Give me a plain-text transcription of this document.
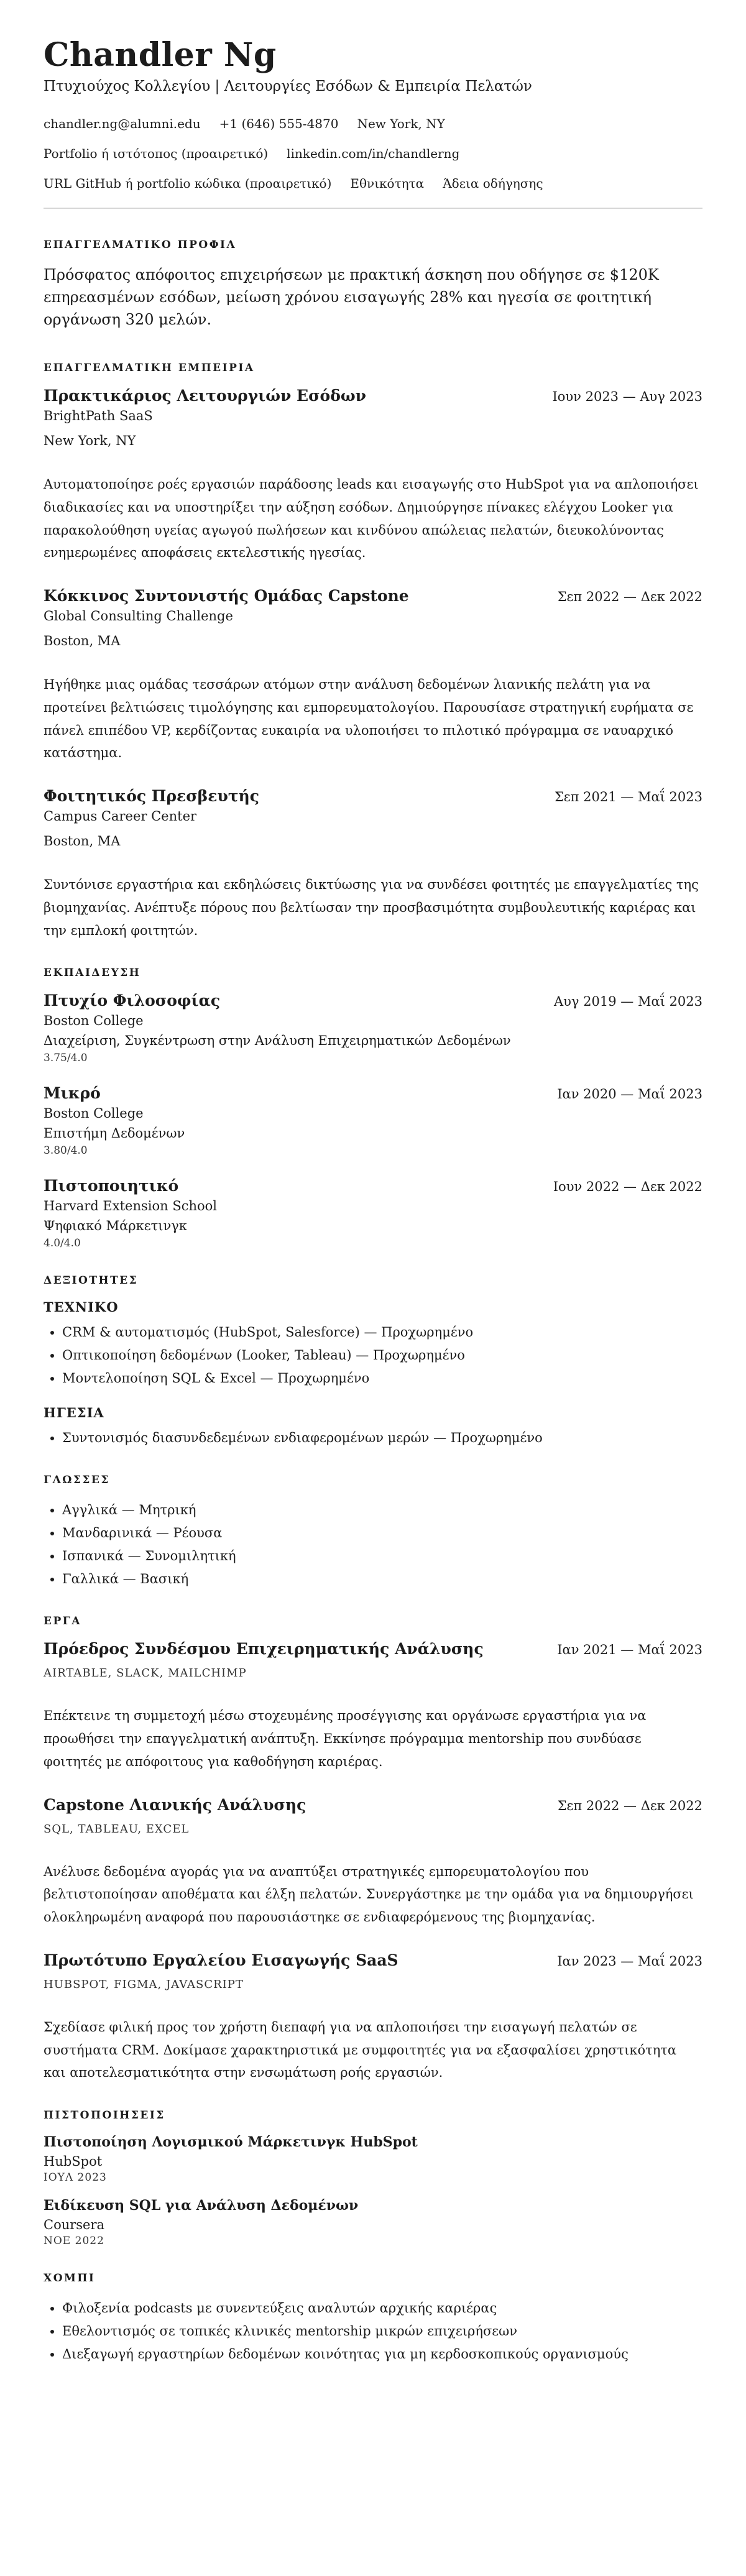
Chandler Ng
Πτυχιούχος Κολλεγίου | Λειτουργίες Εσόδων & Εμπειρία Πελατών
chandler.ng@alumni.edu +1 (646) 555-4870 New York, NY
Portfolio ή ιστότοπος (προαιρετικό) linkedin.com/in/chandlerng
URL GitHub ή portfolio κώδικα (προαιρετικό) Εθνικότητα Άδεια οδήγησης
ΕΠΑΓΓΕΛΜΑΤΙΚΟ ΠΡΟΦΙΛ
Πρόσφατος απόφοιτος επιχειρήσεων με πρακτική άσκηση που οδήγησε σε $120K επηρεασμένων εσόδων, μείωση χρόνου εισαγωγής 28% και ηγεσία σε φοιτητική οργάνωση 320 μελών.
ΕΠΑΓΓΕΛΜΑΤΙΚΗ ΕΜΠΕΙΡΙΑ
Πρακτικάριος Λειτουργιών Εσόδων	Ιουν 2023 — Αυγ 2023
BrightPath SaaS
New York, NY
Αυτοματοποίησε ροές εργασιών παράδοσης leads και εισαγωγής στο HubSpot για να απλοποιήσει διαδικασίες και να υποστηρίξει την αύξηση εσόδων. Δημιούργησε πίνακες ελέγχου Looker για παρακολούθηση υγείας αγωγού πωλήσεων και κινδύνου απώλειας πελατών, διευκολύνοντας ενημερωμένες αποφάσεις εκτελεστικής ηγεσίας.
Κόκκινος Συντονιστής Ομάδας Capstone	Σεπ 2022 — Δεκ 2022
Global Consulting Challenge
Boston, MA
Ηγήθηκε μιας ομάδας τεσσάρων ατόμων στην ανάλυση δεδομένων λιανικής πελάτη για να προτείνει βελτιώσεις τιμολόγησης και εμπορευματολογίου. Παρουσίασε στρατηγική ευρήματα σε πάνελ επιπέδου VP, κερδίζοντας ευκαιρία να υλοποιήσει το πιλοτικό πρόγραμμα σε ναυαρχικό κατάστημα.
Φοιτητικός Πρεσβευτής	Σεπ 2021 — Μαΐ 2023
Campus Career Center
Boston, MA
Συντόνισε εργαστήρια και εκδηλώσεις δικτύωσης για να συνδέσει φοιτητές με επαγγελματίες της βιομηχανίας. Ανέπτυξε πόρους που βελτίωσαν την προσβασιμότητα συμβουλευτικής καριέρας και την εμπλοκή φοιτητών.
ΕΚΠΑΙΔΕΥΣΗ
Πτυχίο Φιλοσοφίας	Αυγ 2019 — Μαΐ 2023
Boston College
Διαχείριση, Συγκέντρωση στην Ανάλυση Επιχειρηματικών Δεδομένων
3.75/4.0
Μικρό	Ιαν 2020 — Μαΐ 2023
Boston College
Επιστήμη Δεδομένων
3.80/4.0
Πιστοποιητικό	Ιουν 2022 — Δεκ 2022
Harvard Extension School
Ψηφιακό Μάρκετινγκ
4.0/4.0
ΔΕΞΙΟΤΗΤΕΣ
ΤΕΧΝΙΚΟ
• CRM & αυτοματισμός (HubSpot, Salesforce) — Προχωρημένο
• Οπτικοποίηση δεδομένων (Looker, Tableau) — Προχωρημένο
• Μοντελοποίηση SQL & Excel — Προχωρημένο
ΗΓΕΣΙΑ
• Συντονισμός διασυνδεδεμένων ενδιαφερομένων μερών — Προχωρημένο
ΓΛΩΣΣΕΣ
• Αγγλικά — Μητρική
• Μανδαρινικά — Ρέουσα
• Ισπανικά — Συνομιλητική
• Γαλλικά — Βασική
ΕΡΓΑ
Πρόεδρος Συνδέσμου Επιχειρηματικής Ανάλυσης	Ιαν 2021 — Μαΐ 2023
AIRTABLE, SLACK, MAILCHIMP
Επέκτεινε τη συμμετοχή μέσω στοχευμένης προσέγγισης και οργάνωσε εργαστήρια για να προωθήσει την επαγγελματική ανάπτυξη. Εκκίνησε πρόγραμμα mentorship που συνδύασε φοιτητές με απόφοιτους για καθοδήγηση καριέρας.
Capstone Λιανικής Ανάλυσης	Σεπ 2022 — Δεκ 2022
SQL, TABLEAU, EXCEL
Ανέλυσε δεδομένα αγοράς για να αναπτύξει στρατηγικές εμπορευματολογίου που βελτιστοποίησαν αποθέματα και έλξη πελατών. Συνεργάστηκε με την ομάδα για να δημιουργήσει ολοκληρωμένη αναφορά που παρουσιάστηκε σε ενδιαφερόμενους της βιομηχανίας.
Πρωτότυπο Εργαλείου Εισαγωγής SaaS	Ιαν 2023 — Μαΐ 2023
HUBSPOT, FIGMA, JAVASCRIPT
Σχεδίασε φιλική προς τον χρήστη διεπαφή για να απλοποιήσει την εισαγωγή πελατών σε συστήματα CRM. Δοκίμασε χαρακτηριστικά με συμφοιτητές για να εξασφαλίσει χρηστικότητα και αποτελεσματικότητα στην ενσωμάτωση ροής εργασιών.
ΠΙΣΤΟΠΟΙΗΣΕΙΣ
Πιστοποίηση Λογισμικού Μάρκετινγκ HubSpot
HubSpot
ΙΟΥΛ 2023
Ειδίκευση SQL για Ανάλυση Δεδομένων
Coursera
ΝΟΕ 2022
ΧΟΜΠΙ
• Φιλοξενία podcasts με συνεντεύξεις αναλυτών αρχικής καριέρας
• Εθελοντισμός σε τοπικές κλινικές mentorship μικρών επιχειρήσεων
• Διεξαγωγή εργαστηρίων δεδομένων κοινότητας για μη κερδοσκοπικούς οργανισμούς
